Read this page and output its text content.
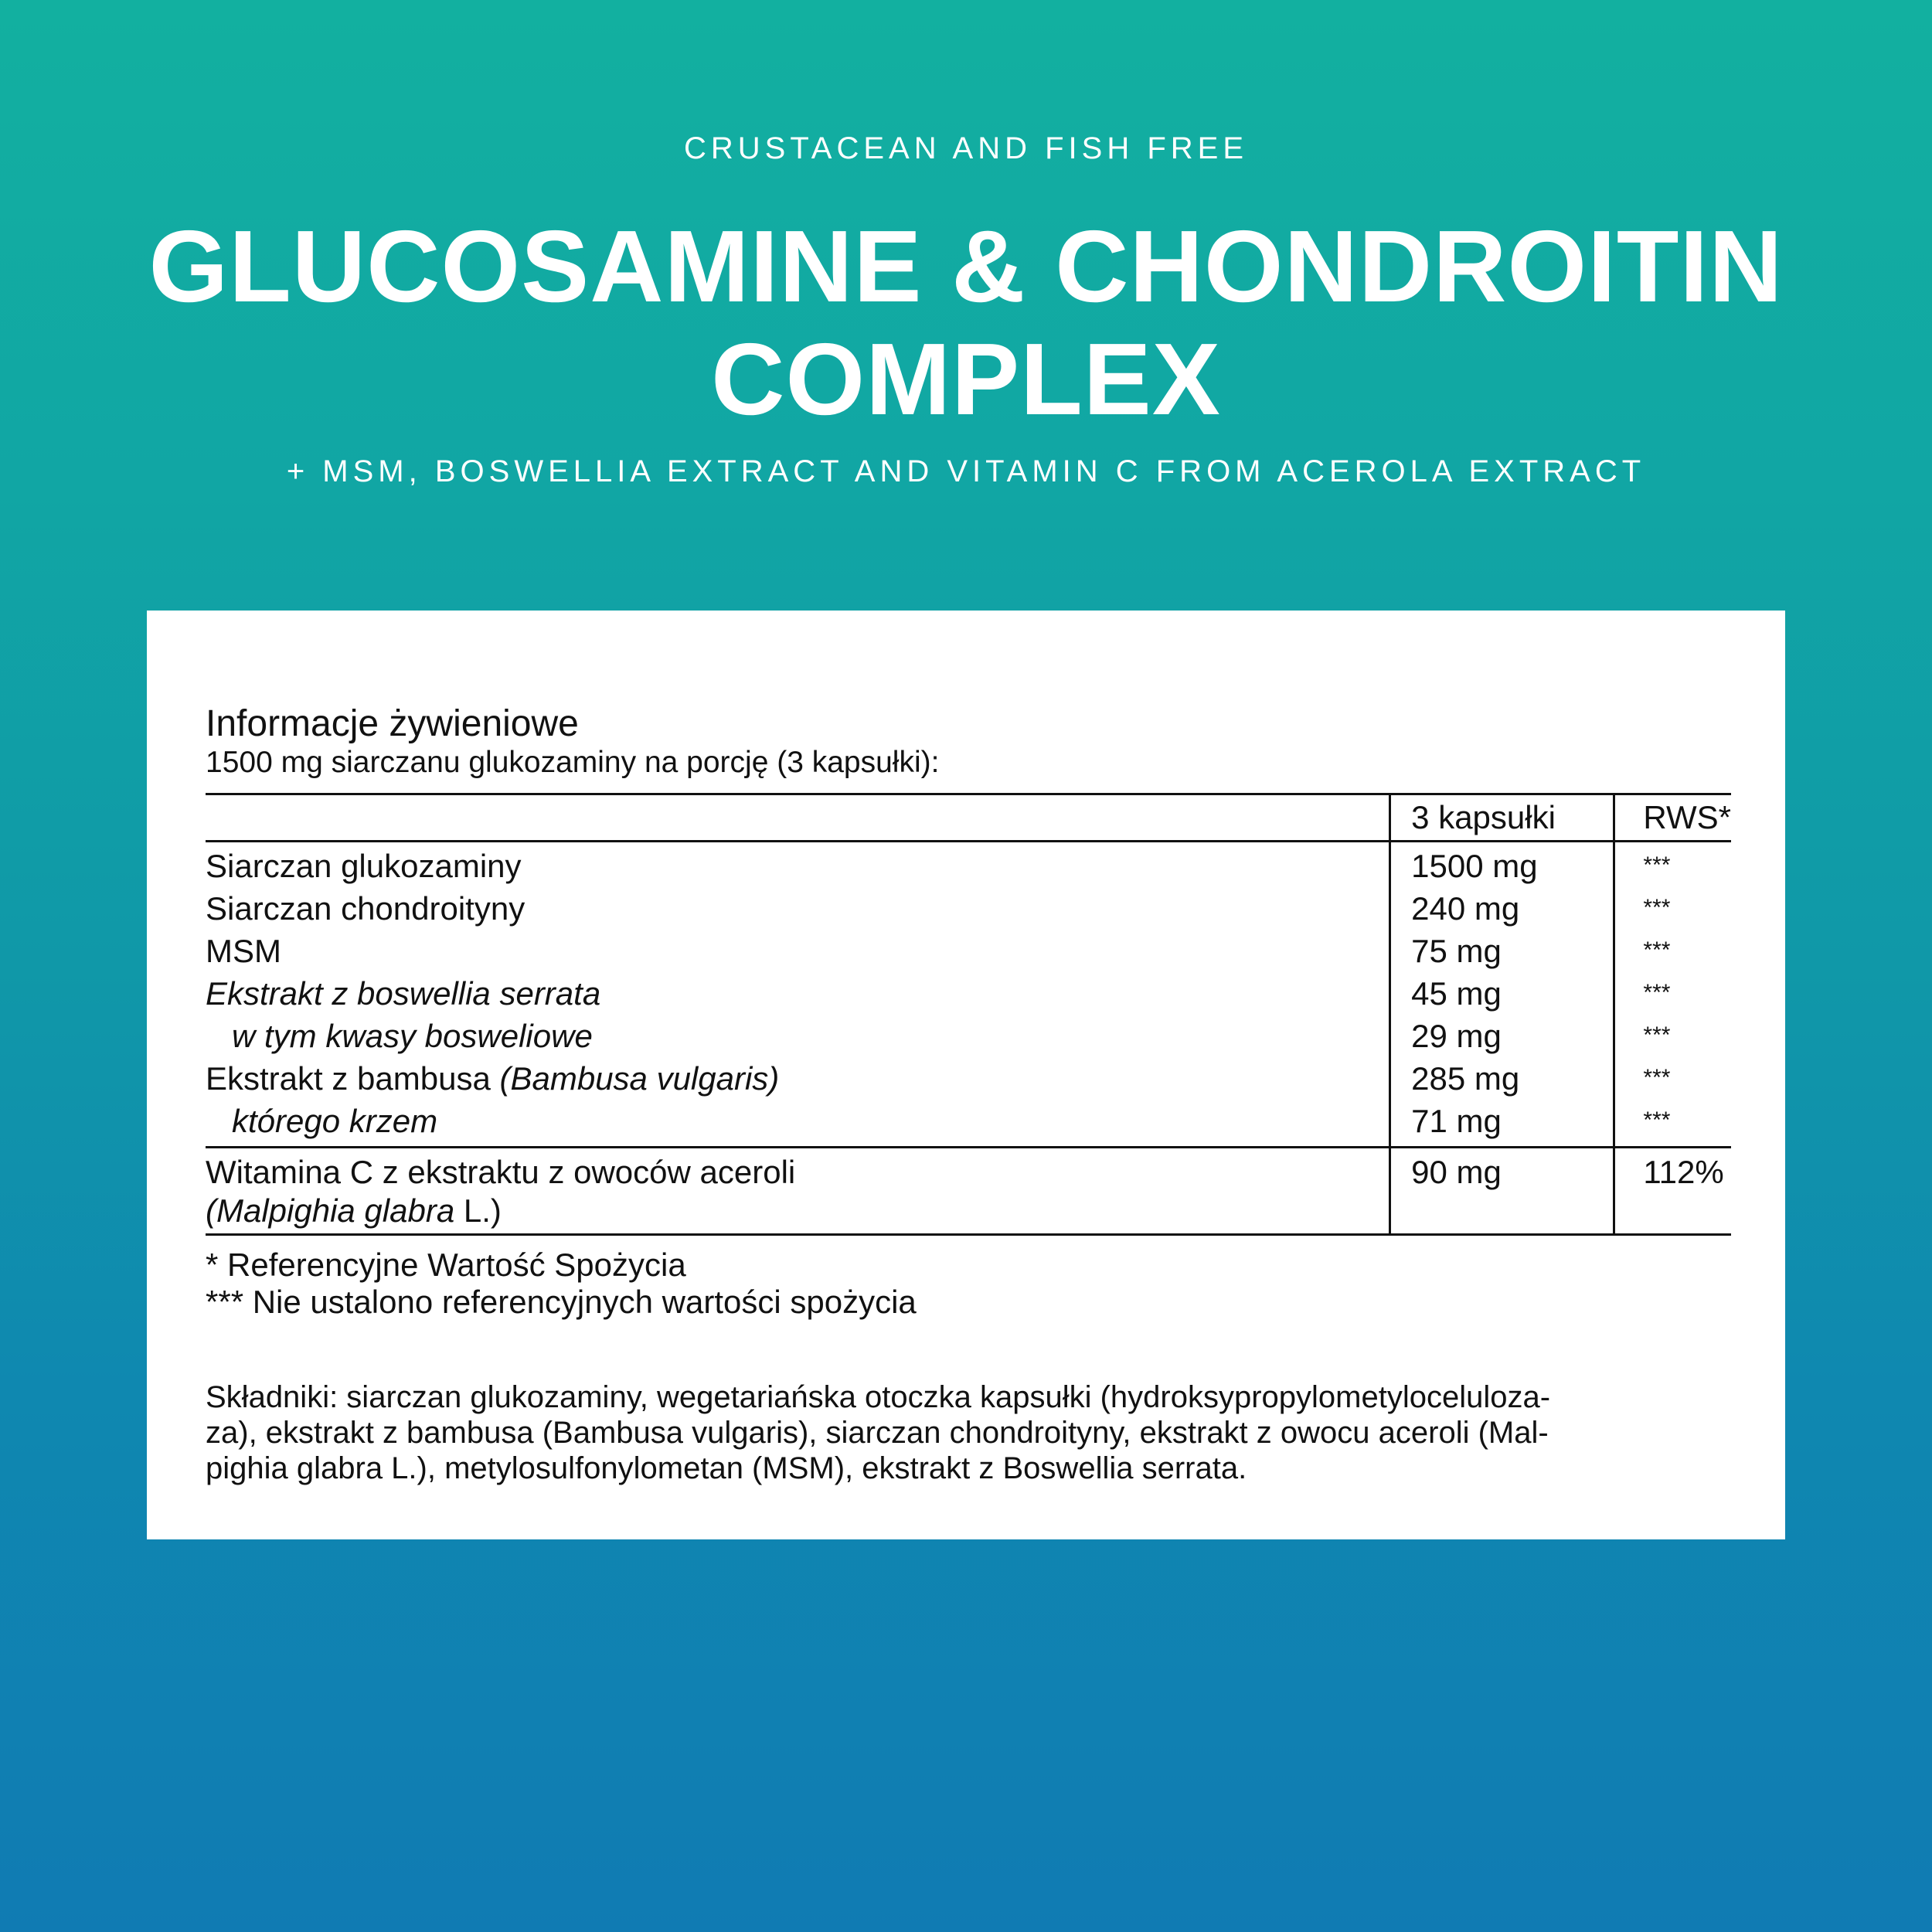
CRUSTACEAN AND FISH FREE
GLUCOSAMINE & CHONDROITIN
COMPLEX
+ MSM, BOSWELLIA EXTRACT AND VITAMIN C FROM ACEROLA EXTRACT
Informacje żywieniowe
1500 mg siarczanu glukozaminy na porcję (3 kapsułki):
	3 kapsułki	RWS*
Siarczan glukozaminy	1500 mg	***
Siarczan chondroityny	240 mg	***
MSM	75 mg	***
Ekstrakt z boswellia serrata	45 mg	***
w tym kwasy bosweliowe	29 mg	***
Ekstrakt z bambusa (Bambusa vulgaris)	285 mg	***
którego krzem	71 mg	***

Witamina C z ekstraktu z owoców aceroli
(Malpighia glabra L.)	90 mg	112%
* Referencyjne Wartość Spożycia
*** Nie ustalono referencyjnych wartości spożycia
Składniki: siarczan glukozaminy, wegetariańska otoczka kapsułki (hydroksypropylometyloceluloza-
za), ekstrakt z bambusa (Bambusa vulgaris), siarczan chondroityny, ekstrakt z owocu aceroli (Mal-
pighia glabra L.), metylosulfonylometan (MSM), ekstrakt z Boswellia serrata.
